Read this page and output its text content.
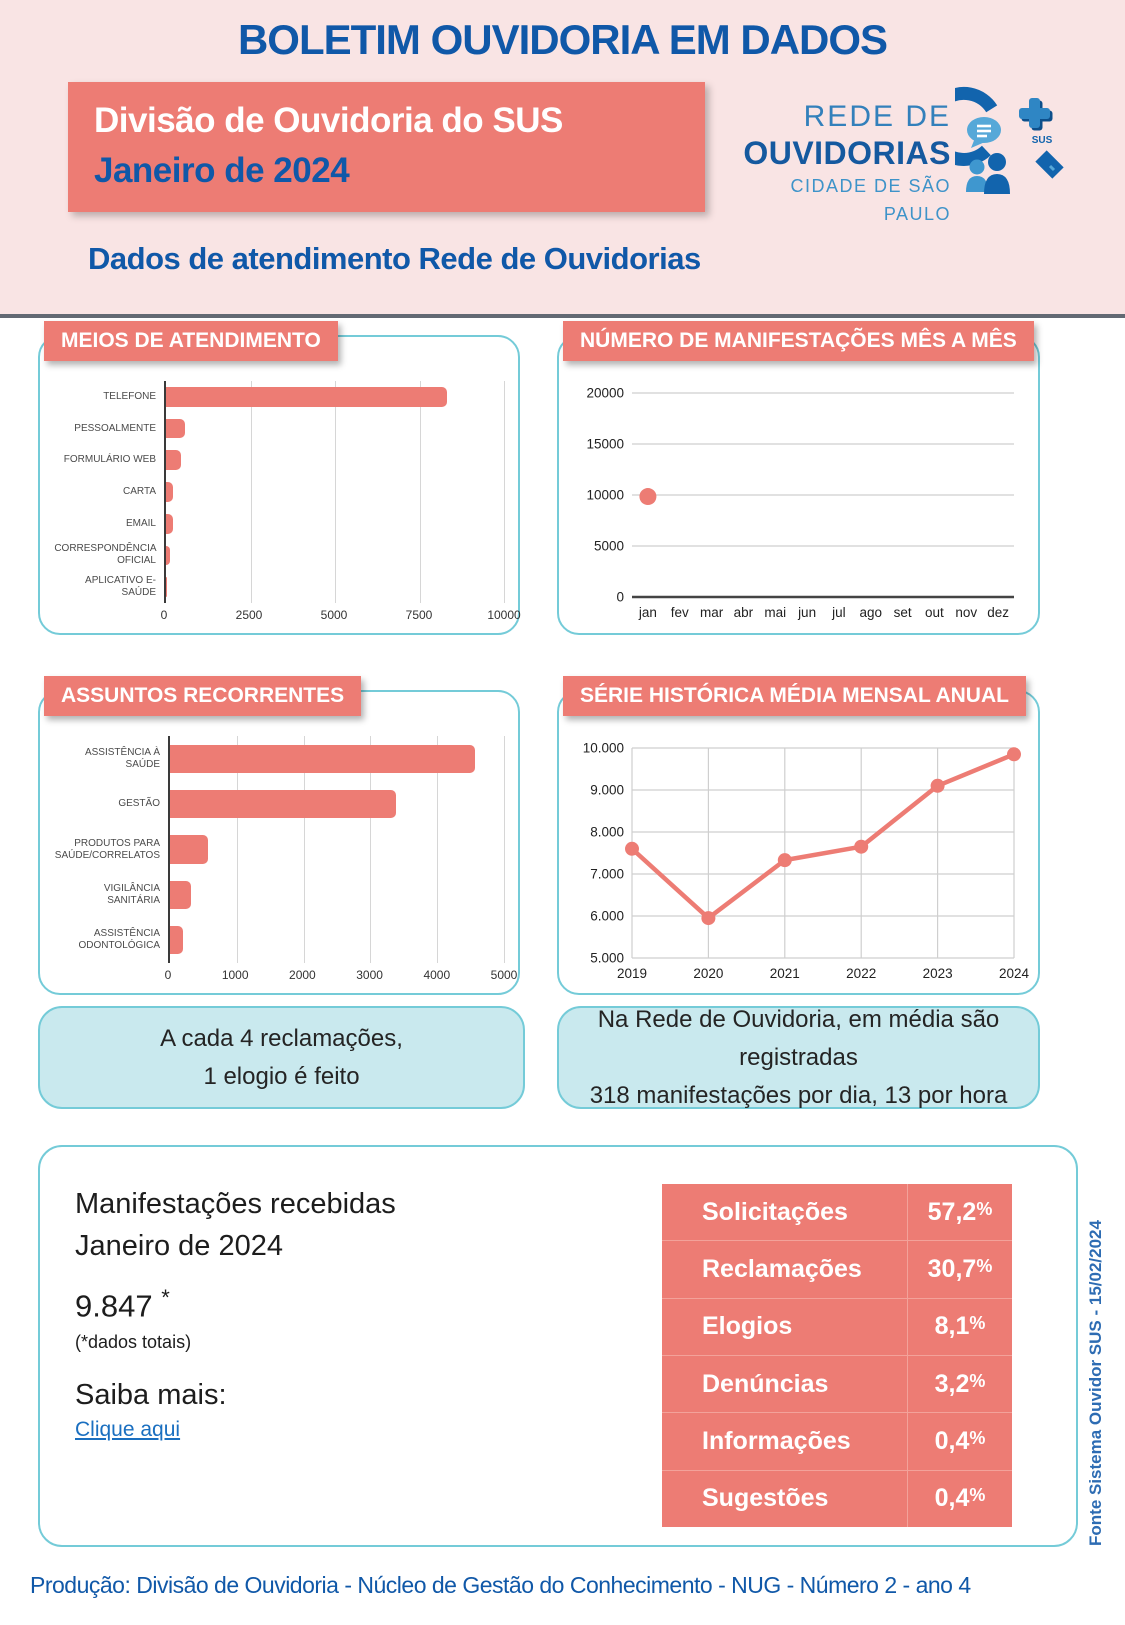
BOLETIM OUVIDORIA EM DADOS
Divisão de Ouvidoria do SUS
Janeiro de 2024
REDE DE
OUVIDORIAS
CIDADE DE SÃO PAULO
SUS
Dados de atendimento Rede de Ouvidorias
MEIOS DE ATENDIMENTO
TELEFONE
PESSOALMENTE
FORMULÁRIO WEB
CARTA
EMAIL
CORRESPONDÊNCIA OFICIAL
APLICATIVO E-SAÚDE
0	2500	5000	7500	10000
NÚMERO DE MANIFESTAÇÕES MÊS A MÊS
0
5000
10000
15000
20000
jan fev mar abr mai jun jul ago set out nov dez
ASSUNTOS RECORRENTES
ASSISTÊNCIA À SAÚDE
GESTÃO
PRODUTOS PARA SAÚDE/CORRELATOS
VIGILÂNCIA SANITÁRIA
ASSISTÊNCIA ODONTOLÓGICA
0	1000	2000	3000	4000	5000
SÉRIE HISTÓRICA MÉDIA MENSAL ANUAL
5.000
6.000
7.000
8.000
9.000
10.000
2019	2020	2021	2022	2023	2024
A cada 4 reclamações,
1 elogio é feito
Na Rede de Ouvidoria, em média são registradas
318 manifestações por dia, 13 por hora
Manifestações recebidas
Janeiro de 2024
9.847 *
(*dados totais)
Saiba mais:
Clique aqui
Solicitações	57,2 %
Reclamações	30,7 %
Elogios	8,1 %
Denúncias	3,2 %
Informações	0,4 %
Sugestões	0,4 %	Fonte Sistema Ouvidor SUS - 15/02/2024
Produção: Divisão de Ouvidoria - Núcleo de Gestão do Conhecimento - NUG - Número 2 - ano 4
